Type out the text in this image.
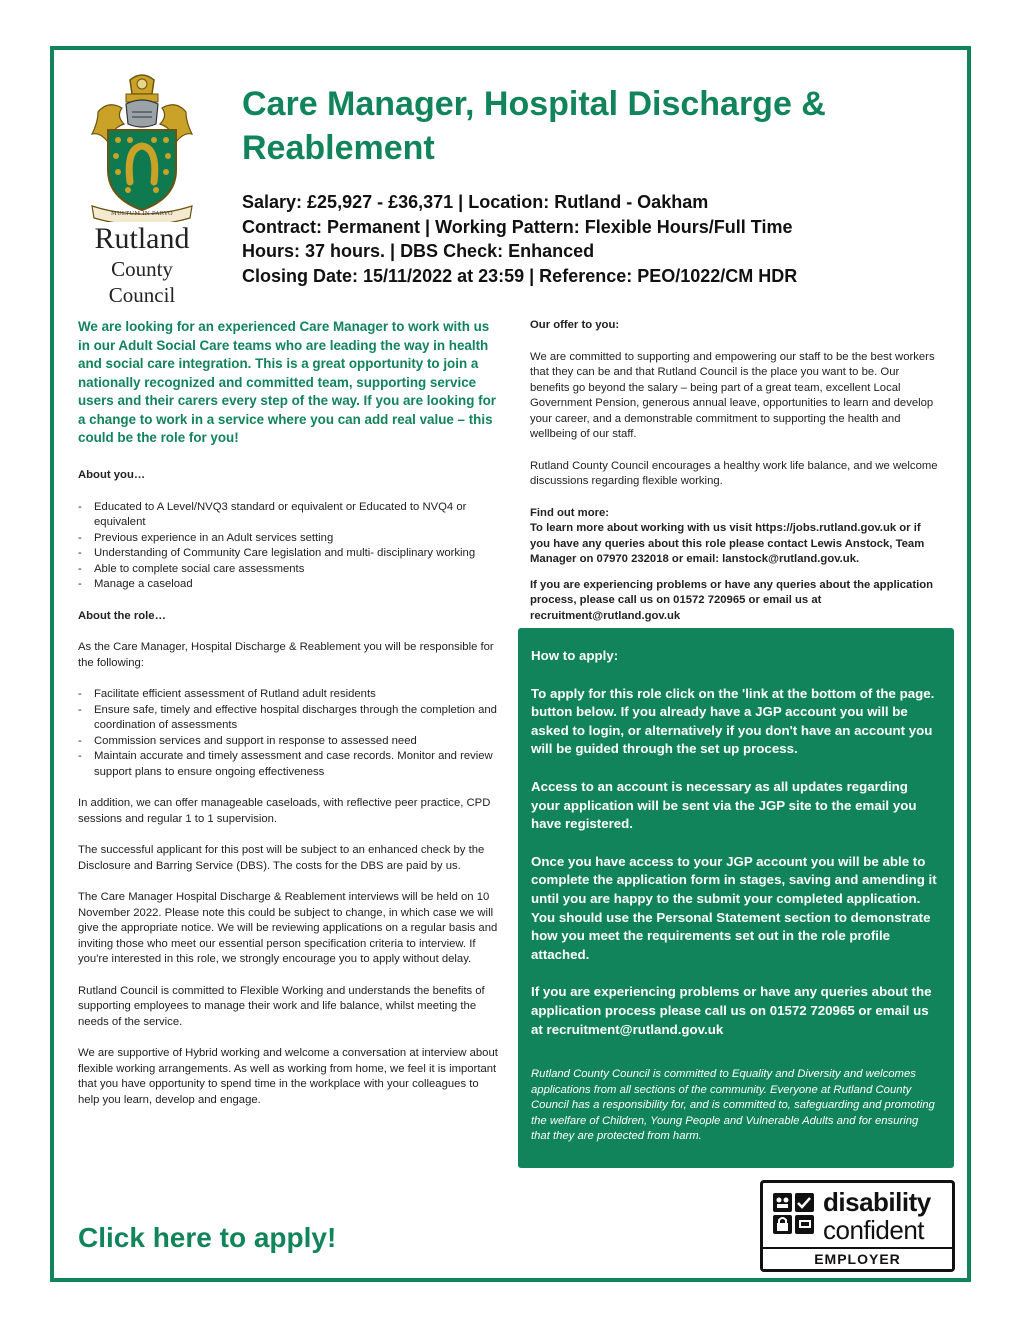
MULTUM IN PARVO
Rutland
County Council
Care Manager, Hospital Discharge & Reablement
Salary: £25,927 - £36,371 | Location: Rutland - Oakham
Contract: Permanent | Working Pattern: Flexible Hours/Full Time
Hours: 37 hours. | DBS Check: Enhanced
Closing Date: 15/11/2022 at 23:59 | Reference: PEO/1022/CM HDR

We are looking for an experienced Care Manager to work with us in our Adult Social Care teams who are leading the way in health and social care integration. This is a great opportunity to join a nationally recognized and committed team, supporting service users and their carers every step of the way. If you are looking for a change to work in a service where you can add real value – this could be the role for you!

About you…

- Educated to A Level/NVQ3 standard or equivalent or Educated to NVQ4 or equivalent
- Previous experience in an Adult services setting
- Understanding of Community Care legislation and multi- disciplinary working
- Able to complete social care assessments
- Manage a caseload

About the role…

As the Care Manager, Hospital Discharge & Reablement you will be responsible for the following:

- Facilitate efficient assessment of Rutland adult residents
- Ensure safe, timely and effective hospital discharges through the completion and coordination of assessments
- Commission services and support in response to assessed need
- Maintain accurate and timely assessment and case records. Monitor and review support plans to ensure ongoing effectiveness

In addition, we can offer manageable caseloads, with reflective peer practice, CPD sessions and regular 1 to 1 supervision.

The successful applicant for this post will be subject to an enhanced check by the Disclosure and Barring Service (DBS). The costs for the DBS are paid by us.

The Care Manager Hospital Discharge & Reablement interviews will be held on 10 November 2022. Please note this could be subject to change, in which case we will give the appropriate notice. We will be reviewing applications on a regular basis and inviting those who meet our essential person specification criteria to interview. If you're interested in this role, we strongly encourage you to apply without delay.

Rutland Council is committed to Flexible Working and understands the benefits of supporting employees to manage their work and life balance, whilst meeting the needs of the service.

We are supportive of Hybrid working and welcome a conversation at interview about flexible working arrangements. As well as working from home, we feel it is important that you have opportunity to spend time in the workplace with your colleagues to help you learn, develop and engage.

Our offer to you:

We are committed to supporting and empowering our staff to be the best workers that they can be and that Rutland Council is the place you want to be. Our benefits go beyond the salary – being part of a great team, excellent Local Government Pension, generous annual leave, opportunities to learn and develop your career, and a demonstrable commitment to supporting the health and wellbeing of our staff.

Rutland County Council encourages a healthy work life balance, and we welcome discussions regarding flexible working.

Find out more:

To learn more about working with us visit https://jobs.rutland.gov.uk or if you have any queries about this role please contact Lewis Anstock, Team Manager on 07970 232018 or email: lanstock@rutland.gov.uk.

If you are experiencing problems or have any queries about the application process, please call us on 01572 720965 or email us at recruitment@rutland.gov.uk

How to apply:

To apply for this role click on the 'link at the bottom of the page. button below. If you already have a JGP account you will be asked to login, or alternatively if you don't have an account you will be guided through the set up process.

Access to an account is necessary as all updates regarding your application will be sent via the JGP site to the email you have registered.

Once you have access to your JGP account you will be able to complete the application form in stages, saving and amending it until you are happy to the submit your completed application. You should use the Personal Statement section to demonstrate how you meet the requirements set out in the role profile attached.

If you are experiencing problems or have any queries about the application process please call us on 01572 720965 or email us at recruitment@rutland.gov.uk

Rutland County Council is committed to Equality and Diversity and welcomes applications from all sections of the community. Everyone at Rutland County Council has a responsibility for, and is committed to, safeguarding and promoting the welfare of Children, Young People and Vulnerable Adults and for ensuring that they are protected from harm.

Click here to apply!
disability
confident
EMPLOYER
